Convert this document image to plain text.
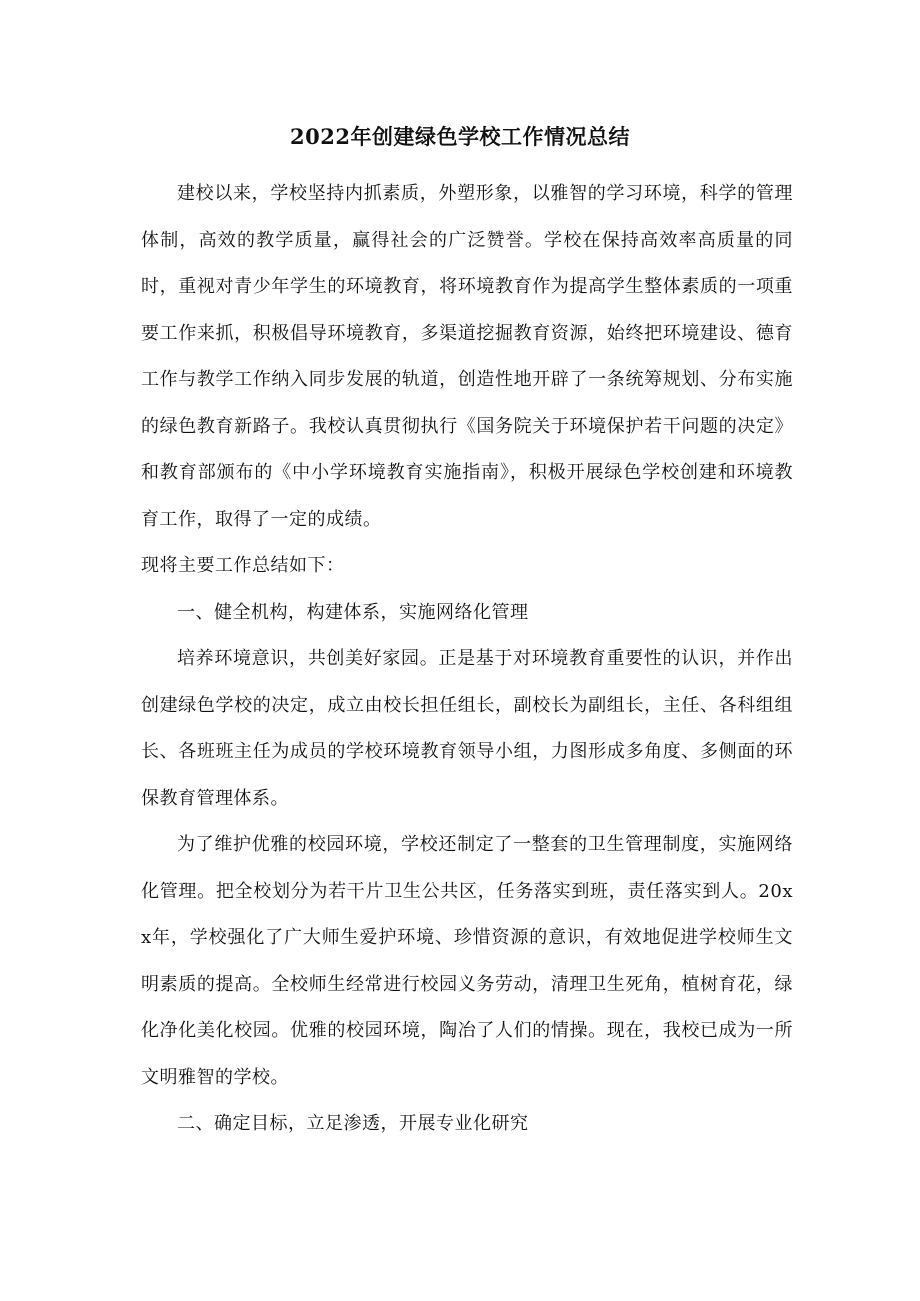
2022年创建绿色学校工作情况总结

建校以来，学校坚持内抓素质，外塑形象，以雅智的学习环境，科学的管理体制，高效的教学质量，赢得社会的广泛赞誉。学校在保持高效率高质量的同时，重视对青少年学生的环境教育，将环境教育作为提高学生整体素质的一项重要工作来抓，积极倡导环境教育，多渠道挖掘教育资源，始终把环境建设、德育工作与教学工作纳入同步发展的轨道，创造性地开辟了一条统筹规划、分布实施的绿色教育新路子。我校认真贯彻执行《国务院关于环境保护若干问题的决定》和教育部颁布的《中小学环境教育实施指南》，积极开展绿色学校创建和环境教育工作，取得了一定的成绩。

现将主要工作总结如下：

一、健全机构，构建体系，实施网络化管理

培养环境意识，共创美好家园。正是基于对环境教育重要性的认识，并作出创建绿色学校的决定，成立由校长担任组长，副校长为副组长，主任、各科组组长、各班班主任为成员的学校环境教育领导小组，力图形成多角度、多侧面的环保教育管理体系。

为了维护优雅的校园环境，学校还制定了一整套的卫生管理制度，实施网络化管理。把全校划分为若干片卫生公共区，任务落实到班，责任落实到人。20xx年，学校强化了广大师生爱护环境、珍惜资源的意识，有效地促进学校师生文明素质的提高。全校师生经常进行校园义务劳动，清理卫生死角，植树育花，绿化净化美化校园。优雅的校园环境，陶冶了人们的情操。现在，我校已成为一所文明雅智的学校。

二、确定目标，立足渗透，开展专业化研究
